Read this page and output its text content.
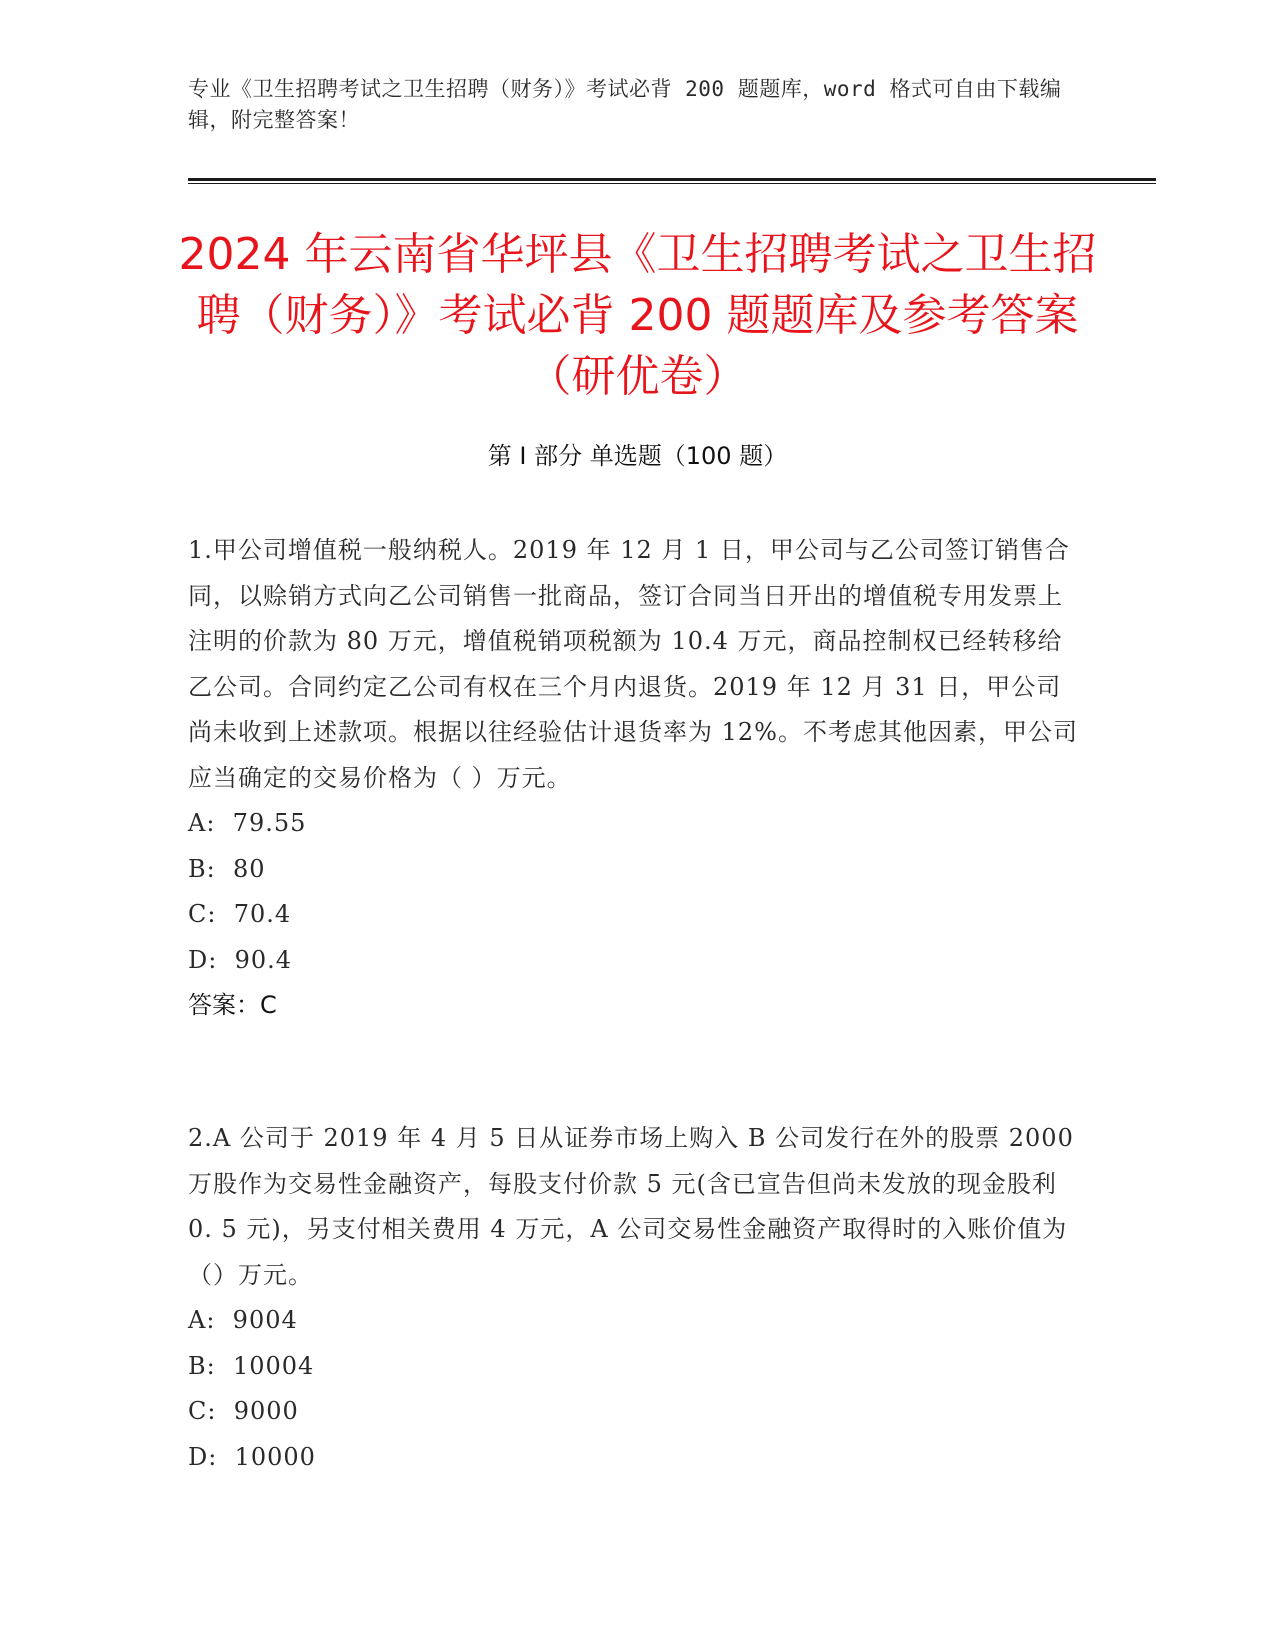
专业《卫生招聘考试之卫生招聘（财务）》考试必背 200 题题库，word 格式可自由下载编辑，附完整答案！
2024 年云南省华坪县《卫生招聘考试之卫生招聘（财务）》考试必背 200 题题库及参考答案（研优卷）
第 I 部分 单选题（100 题）
1.甲公司增值税一般纳税人。2019 年 12 月 1 日，甲公司与乙公司签订销售合同，以赊销方式向乙公司销售一批商品，签订合同当日开出的增值税专用发票上注明的价款为 80 万元，增值税销项税额为 10.4 万元，商品控制权已经转移给乙公司。合同约定乙公司有权在三个月内退货。2019 年 12 月 31 日，甲公司尚未收到上述款项。根据以往经验估计退货率为 12%。不考虑其他因素，甲公司应当确定的交易价格为（ ）万元。
A:  79.55
B:  80
C:  70.4
D:  90.4
答案：C
2.A 公司于 2019 年 4 月 5 日从证券市场上购入 B 公司发行在外的股票 2000 万股作为交易性金融资产，每股支付价款 5 元(含已宣告但尚未发放的现金股利 0. 5 元)，另支付相关费用 4 万元，A 公司交易性金融资产取得时的入账价值为（）万元。
A:  9004
B:  10004
C:  9000
D:  10000
